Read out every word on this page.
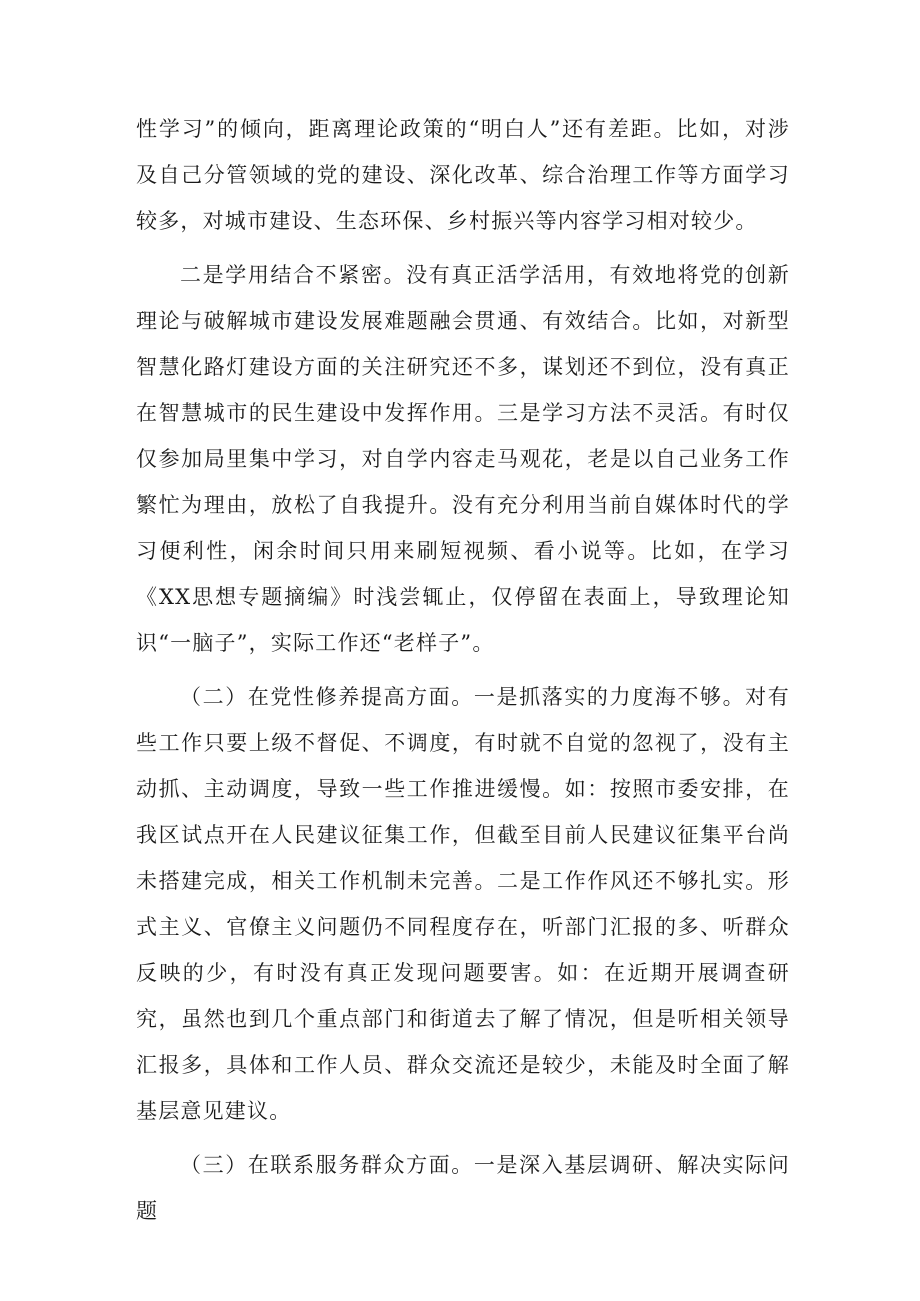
性学习”的倾向，距离理论政策的“明白人”还有差距。比如，对涉及自己分管领域的党的建设、深化改革、综合治理工作等方面学习较多，对城市建设、生态环保、乡村振兴等内容学习相对较少。

二是学用结合不紧密。没有真正活学活用，有效地将党的创新理论与破解城市建设发展难题融会贯通、有效结合。比如，对新型智慧化路灯建设方面的关注研究还不多，谋划还不到位，没有真正在智慧城市的民生建设中发挥作用。三是学习方法不灵活。有时仅仅参加局里集中学习，对自学内容走马观花，老是以自己业务工作繁忙为理由，放松了自我提升。没有充分利用当前自媒体时代的学习便利性，闲余时间只用来刷短视频、看小说等。比如，在学习《XX思想专题摘编》时浅尝辄止，仅停留在表面上，导致理论知识“一脑子”，实际工作还“老样子”。

（二）在党性修养提高方面。一是抓落实的力度海不够。对有些工作只要上级不督促、不调度，有时就不自觉的忽视了，没有主动抓、主动调度，导致一些工作推进缓慢。如：按照市委安排，在我区试点开在人民建议征集工作，但截至目前人民建议征集平台尚未搭建完成，相关工作机制未完善。二是工作作风还不够扎实。形式主义、官僚主义问题仍不同程度存在，听部门汇报的多、听群众反映的少，有时没有真正发现问题要害。如：在近期开展调查研究，虽然也到几个重点部门和街道去了解了情况，但是听相关领导汇报多，具体和工作人员、群众交流还是较少，未能及时全面了解基层意见建议。

（三）在联系服务群众方面。一是深入基层调研、解决实际问题
